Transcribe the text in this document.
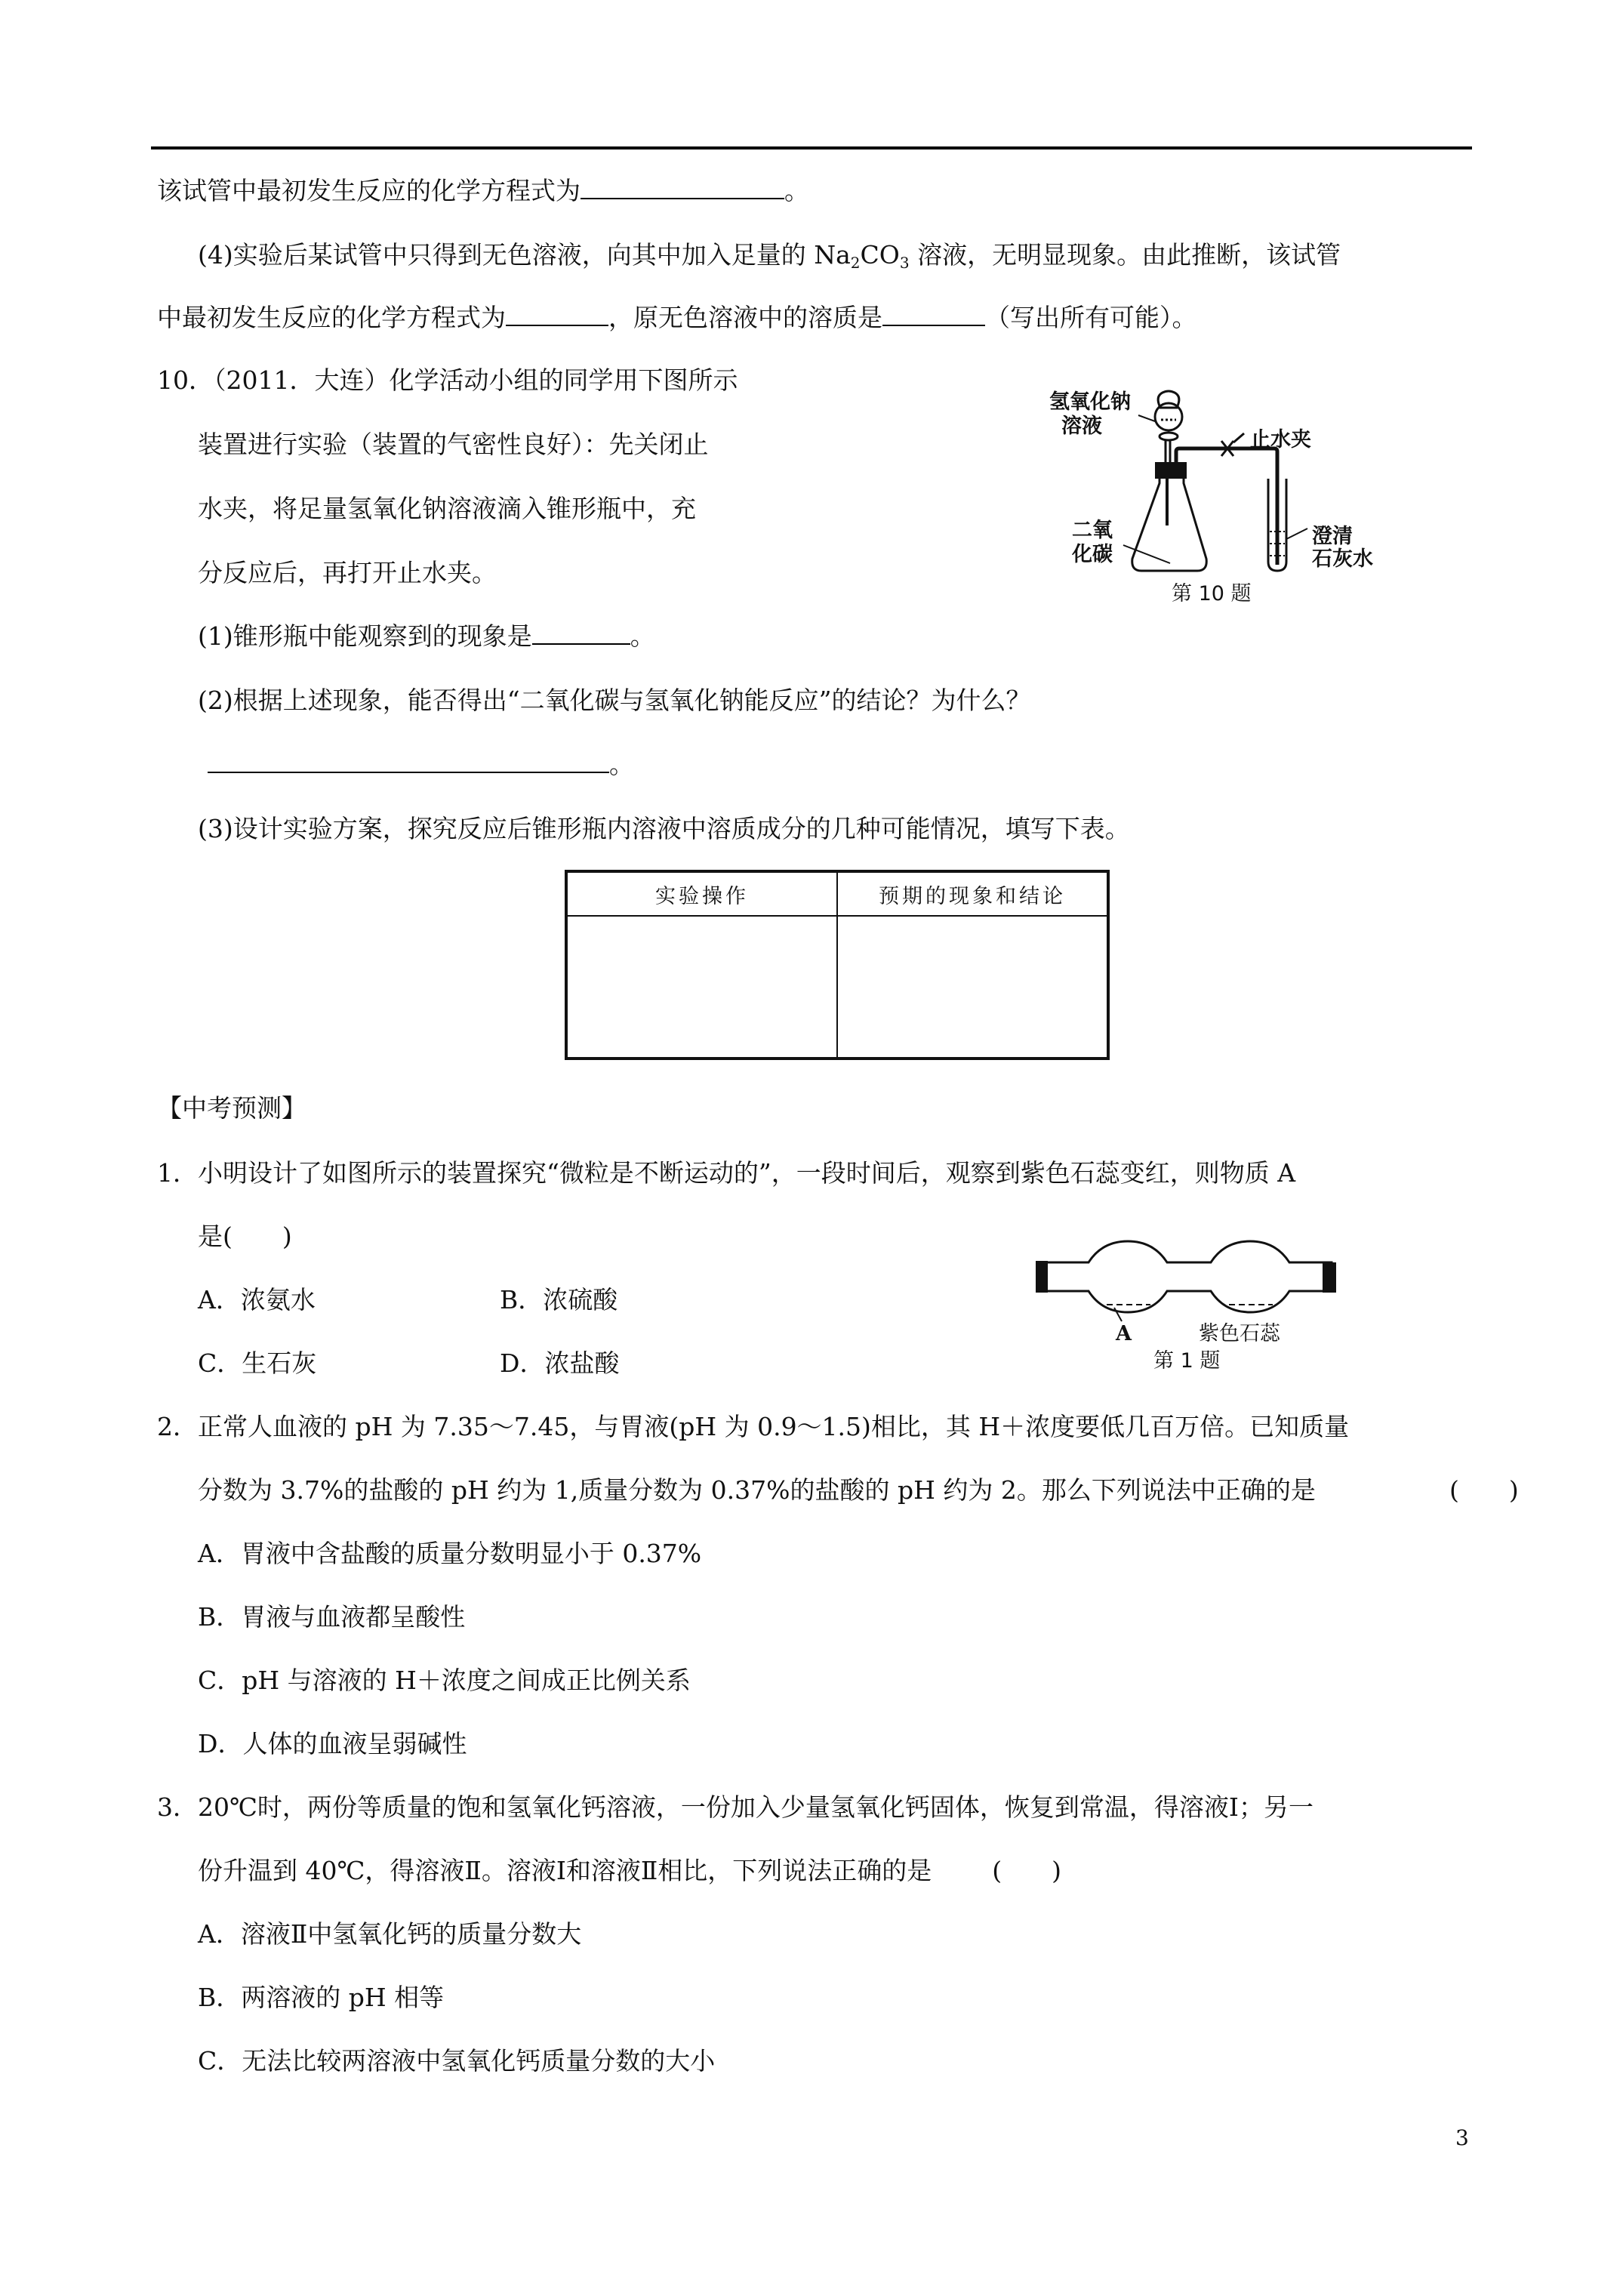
该试管中最初发生反应的化学方程式为	。
(4)实验后某试管中只得到无色溶液，向其中加入足量的 $Na_2CO_3$ 溶液，无明显现象。由此推断，该试管
中最初发生反应的化学方程式为	，原无色溶液中的溶质是	（写出所有可能）。
10．（2011．大连）化学活动小组的同学用下图所示
装置进行实验（装置的气密性良好）：先关闭止
水夹，将足量氢氧化钠溶液滴入锥形瓶中，充
分反应后，再打开止水夹。
(1)锥形瓶中能观察到的现象是	。
(2)根据上述现象，能否得出“二氧化碳与氢氧化钠能反应”的结论？为什么？
。
(3)设计实验方案，探究反应后锥形瓶内溶液中溶质成分的几种可能情况，填写下表。
氢氧化钠
溶液
止水夹
二氧
化碳
澄清
石灰水
第 10 题
实验操作	预期的现象和结论

【中考预测】
1．小明设计了如图所示的装置探究“微粒是不断运动的”，一段时间后，观察到紫色石蕊变红，则物质 A
是(　　)
A．浓氨水	B．浓硫酸
C．生石灰	D．浓盐酸
A	紫色石蕊
第 1 题
2．正常人血液的 pH 为 7.35～7.45，与胃液(pH 为 0.9～1.5)相比，其 H＋浓度要低几百万倍。已知质量
分数为 3.7%的盐酸的 pH 约为 1,质量分数为 0.37%的盐酸的 pH 约为 2。那么下列说法中正确的是	(　　)
A．胃液中含盐酸的质量分数明显小于 0.37%
B．胃液与血液都呈酸性
C．pH 与溶液的 H＋浓度之间成正比例关系
D．人体的血液呈弱碱性
3．20℃时，两份等质量的饱和氢氧化钙溶液，一份加入少量氢氧化钙固体，恢复到常温，得溶液Ⅰ；另一
份升温到 40℃，得溶液Ⅱ。溶液Ⅰ和溶液Ⅱ相比，下列说法正确的是 (　　)
A．溶液Ⅱ中氢氧化钙的质量分数大
B．两溶液的 pH 相等
C．无法比较两溶液中氢氧化钙质量分数的大小
3
